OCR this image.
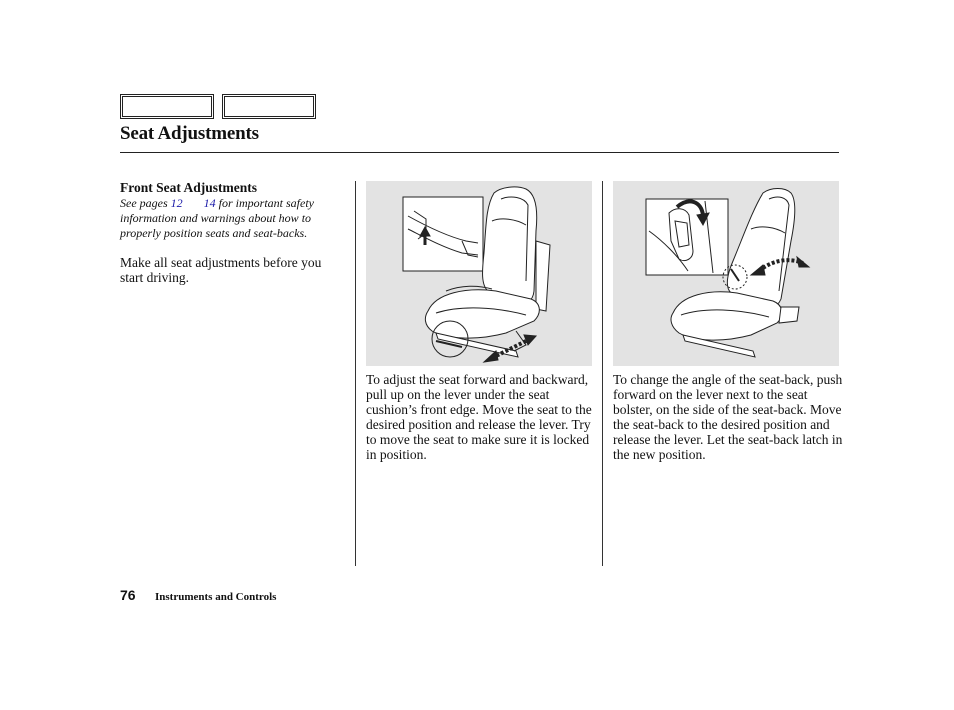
Seat Adjustments
Front Seat Adjustments
See pages 12 14 for important safety information and warnings about how to properly position seats and seat-backs.
Make all seat adjustments before you start driving.
To adjust the seat forward and backward, pull up on the lever under the seat cushion’s front edge. Move the seat to the desired position and release the lever. Try to move the seat to make sure it is locked in position.
To change the angle of the seat-back, push forward on the lever next to the seat bolster, on the side of the seat-back. Move the seat-back to the desired position and release the lever. Let the seat-back latch in the new position.
76 Instruments and Controls
